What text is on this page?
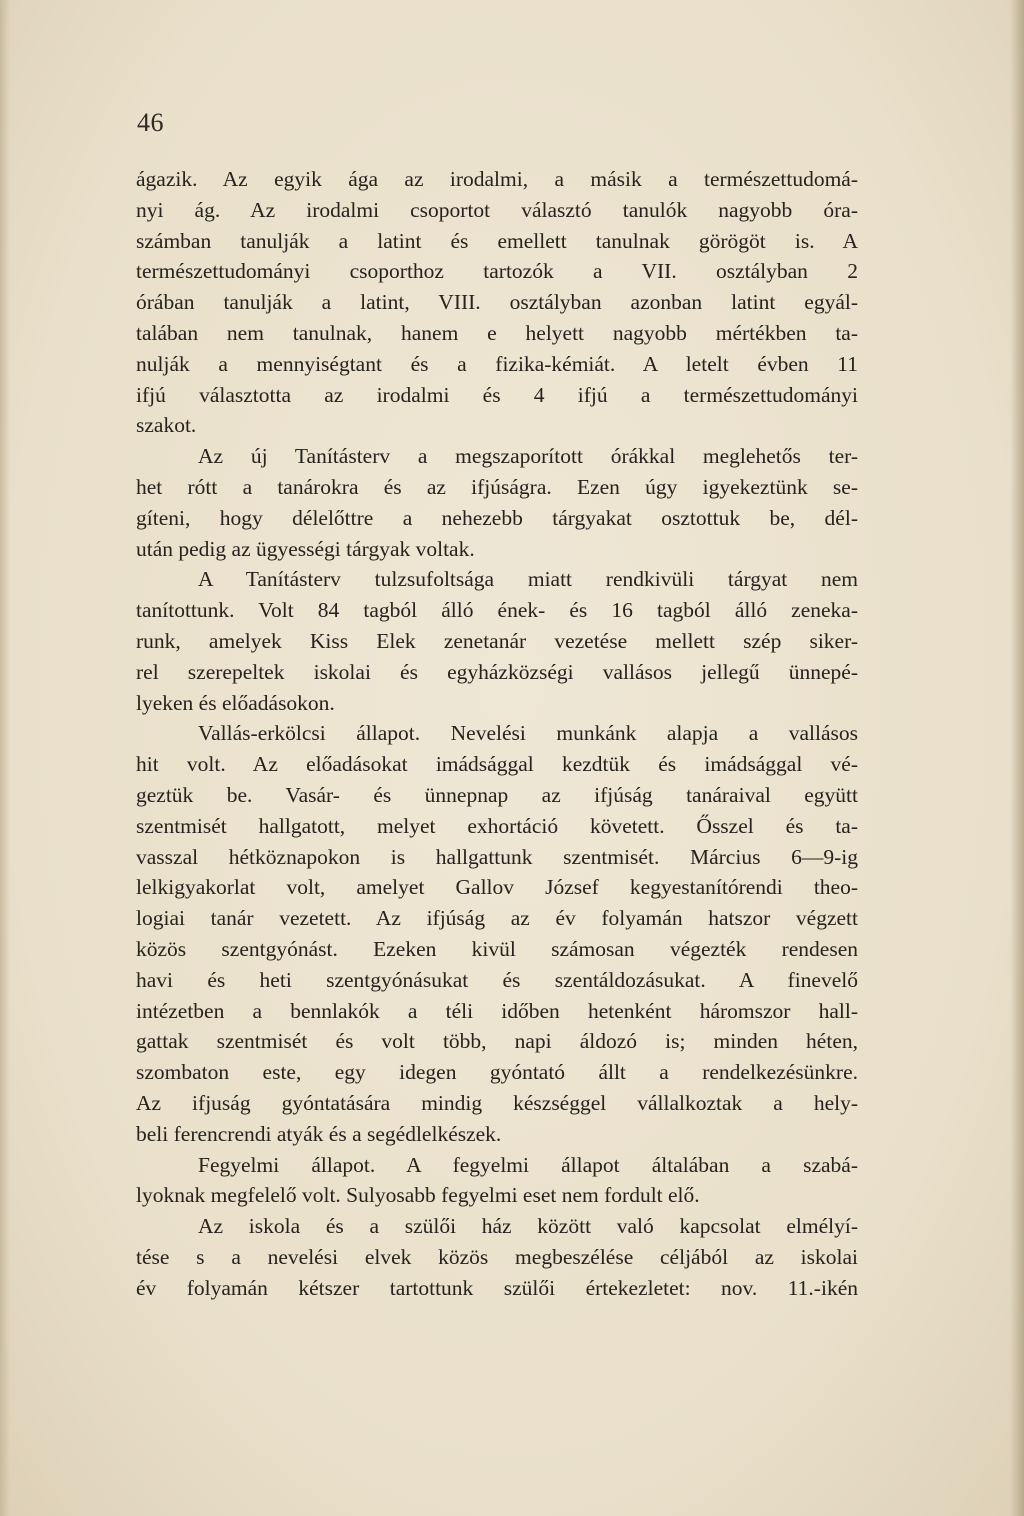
46
ágazik. Az egyik ága az irodalmi, a másik a természettudomá-
nyi ág. Az irodalmi csoportot választó tanulók nagyobb óra-
számban tanulják a latint és emellett tanulnak görögöt is. A
természettudományi csoporthoz tartozók a VII. osztályban 2
órában tanulják a latint, VIII. osztályban azonban latint egyál-
talában nem tanulnak, hanem e helyett nagyobb mértékben ta-
nulják a mennyiségtant és a fizika-kémiát. A letelt évben 11
ifjú választotta az irodalmi és 4 ifjú a természettudományi
szakot.
Az új Tanításterv a megszaporított órákkal meglehetős ter-
het rótt a tanárokra és az ifjúságra. Ezen úgy igyekeztünk se-
gíteni, hogy délelőttre a nehezebb tárgyakat osztottuk be, dél-
után pedig az ügyességi tárgyak voltak.
A Tanításterv tulzsufoltsága miatt rendkivüli tárgyat nem
tanítottunk. Volt 84 tagból álló ének- és 16 tagból álló zeneka-
runk, amelyek Kiss Elek zenetanár vezetése mellett szép siker-
rel szerepeltek iskolai és egyházközségi vallásos jellegű ünnepé-
lyeken és előadásokon.
Vallás-erkölcsi állapot. Nevelési munkánk alapja a vallásos
hit volt. Az előadásokat imádsággal kezdtük és imádsággal vé-
geztük be. Vasár- és ünnepnap az ifjúság tanáraival együtt
szentmisét hallgatott, melyet exhortáció követett. Ősszel és ta-
vasszal hétköznapokon is hallgattunk szentmisét. Március 6—9-ig
lelkigyakorlat volt, amelyet Gallov József kegyestanítórendi theo-
logiai tanár vezetett. Az ifjúság az év folyamán hatszor végzett
közös szentgyónást. Ezeken kivül számosan végezték rendesen
havi és heti szentgyónásukat és szentáldozásukat. A finevelő
intézetben a bennlakók a téli időben hetenként háromszor hall-
gattak szentmisét és volt több, napi áldozó is; minden héten,
szombaton este, egy idegen gyóntató állt a rendelkezésünkre.
Az ifjuság gyóntatására mindig készséggel vállalkoztak a hely-
beli ferencrendi atyák és a segédlelkészek.
Fegyelmi állapot. A fegyelmi állapot általában a szabá-
lyoknak megfelelő volt. Sulyosabb fegyelmi eset nem fordult elő.
Az iskola és a szülői ház között való kapcsolat elmélyí-
tése s a nevelési elvek közös megbeszélése céljából az iskolai
év folyamán kétszer tartottunk szülői értekezletet: nov. 11.-ikén
